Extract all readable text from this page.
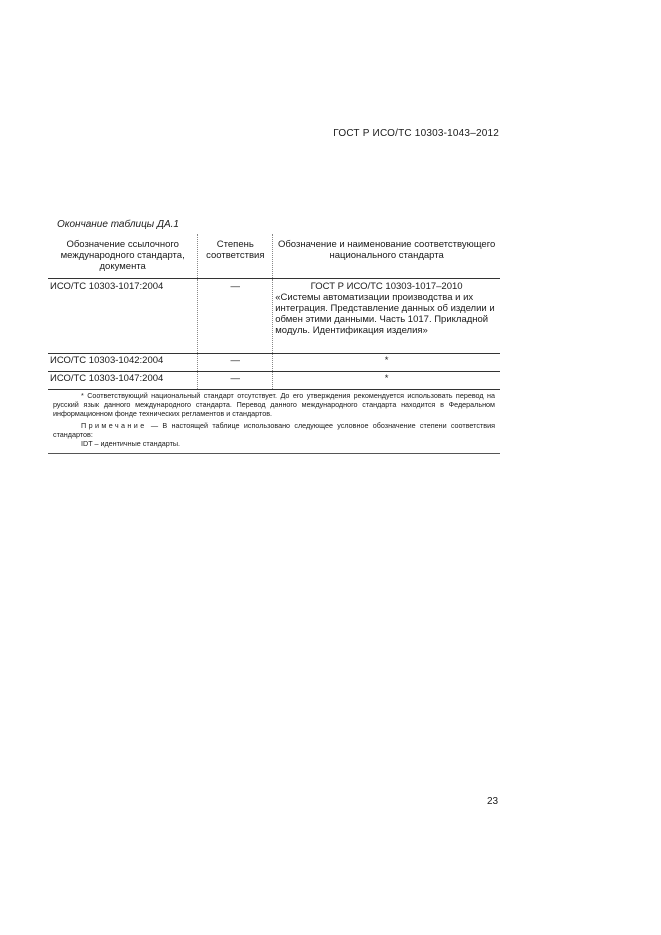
ГОСТ Р ИСО/ТС 10303-1043–2012
Окончание таблицы ДА.1
Обозначение ссылочного международного стандарта, документа	Степень соответствия	Обозначение и наименование соответствующего национального стандарта
ИСО/ТС 10303-1017:2004	—	ГОСТ Р ИСО/ТС 10303-1017–2010
«Системы автоматизации производства и их интеграция. Представление данных об изделии и обмен этими данными. Часть 1017. Прикладной модуль. Идентификация изделия»

ИСО/ТС 10303-1042:2004	—	*
ИСО/ТС 10303-1047:2004	—	*

* Соответствующий национальный стандарт отсутствует. До его утверждения рекомендуется использовать перевод на русский язык данного международного стандарта. Перевод данного международного стандарта находится в Федеральном информационном фонде технических регламентов и стандартов.

Примечание — В настоящей таблице использовано следующее условное обозначение степени соответствия стандартов:

IDT – идентичные стандарты.		

23
